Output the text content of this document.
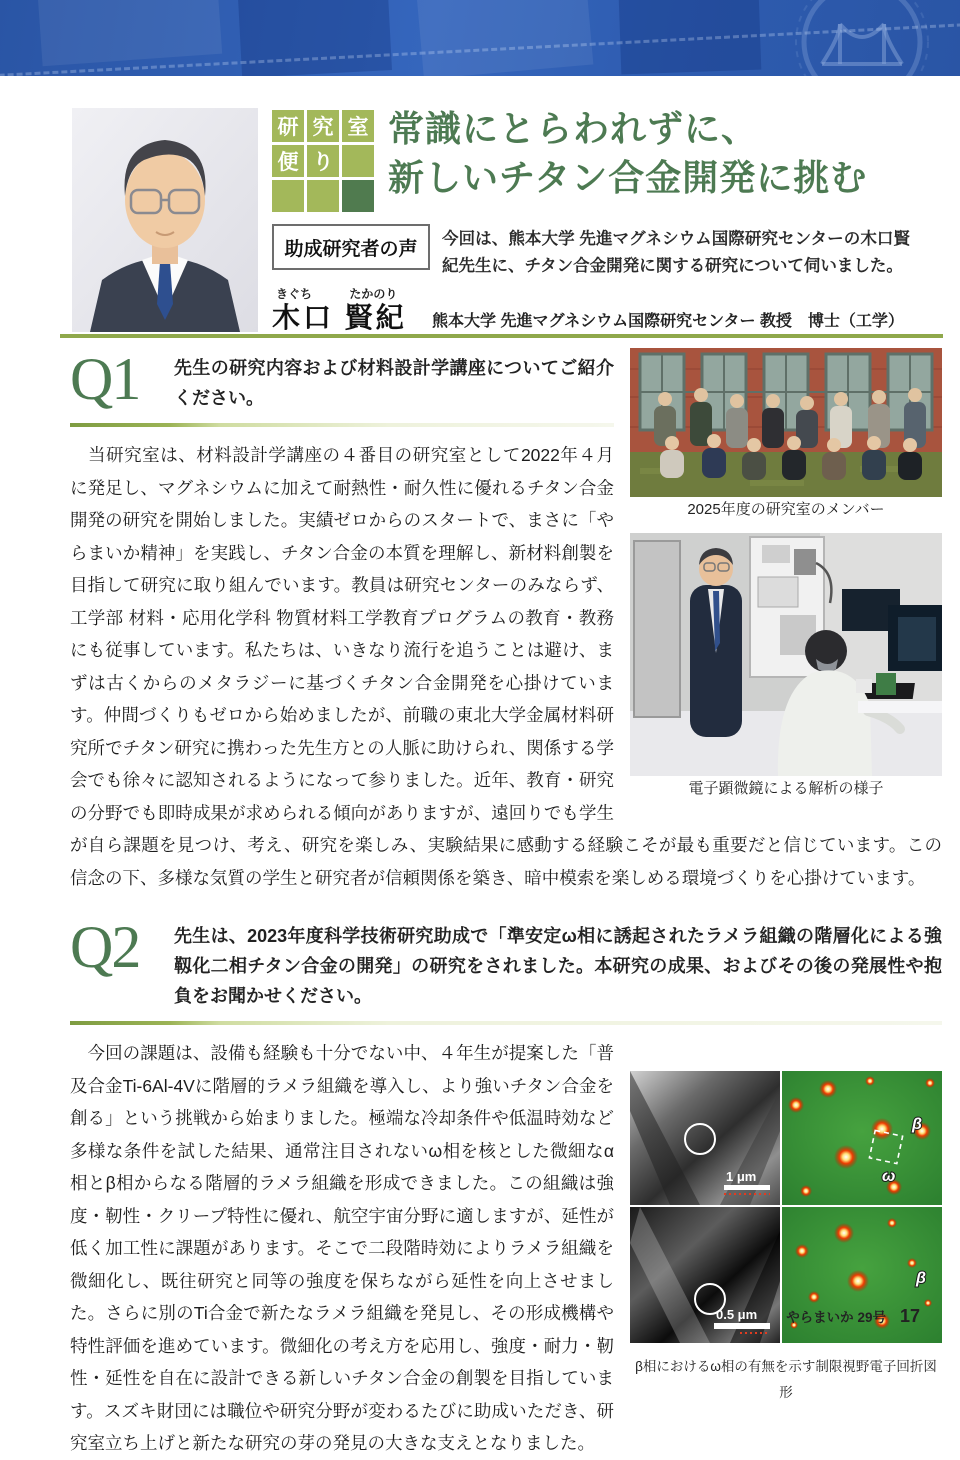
研 究 室
便 り
常識にとらわれずに、
新しいチタン合金開発に挑む
助成研究者の声 今回は、熊本大学 先進マグネシウム国際研究センターの木口賢紀先生に、チタン合金開発に関する研究について伺いました。

きぐち	たかのり
木口 賢紀 熊本大学 先進マグネシウム国際研究センター 教授　博士（工学）
2025年度の研究室のメンバー
電子顕微鏡による解析の様子
Q1	先生の研究内容および材料設計学講座についてご紹介ください。

　当研究室は、材料設計学講座の４番目の研究室として2022年４月に発足し、マグネシウムに加えて耐熱性・耐久性に優れるチタン合金開発の研究を開始しました。実績ゼロからのスタートで、まさに「やらまいか精神」を実践し、チタン合金の本質を理解し、新材料創製を目指して研究に取り組んでいます。教員は研究センターのみならず、工学部 材料・応用化学科 物質材料工学教育プログラムの教育・教務にも従事しています。私たちは、いきなり流行を追うことは避け、まずは古くからのメタラジーに基づくチタン合金開発を心掛けています。仲間づくりもゼロから始めましたが、前職の東北大学金属材料研究所でチタン研究に携わった先生方との人脈に助けられ、関係する学会でも徐々に認知されるようになって参りました。近年、教育・研究の分野でも即時成果が求められる傾向がありますが、遠回りでも学生が自ら課題を見つけ、考え、研究を楽しみ、実験結果に感動する経験こそが最も重要だと信じています。この信念の下、多様な気質の学生と研究者が信頼関係を築き、暗中模索を楽しめる環境づくりを心掛けています。

Q2	先生は、2023年度科学技術研究助成で「準安定ω相に誘起されたラメラ組織の階層化による強靱化二相チタン合金の開発」の研究をされました。本研究の成果、およびその後の発展性や抱負をお聞かせください。

1 μm
β
ω
0.5 μm
β
β相におけるω相の有無を示す制限視野電子回折図形
　今回の課題は、設備も経験も十分でない中、４年生が提案した「普及合金Ti-6Al-4Vに階層的ラメラ組織を導入し、より強いチタン合金を創る」という挑戦から始まりました。極端な冷却条件や低温時効など多様な条件を試した結果、通常注目されないω相を核とした微細なα相とβ相からなる階層的ラメラ組織を形成できました。この組織は強度・靭性・クリープ特性に優れ、航空宇宙分野に適しますが、延性が低く加工性に課題があります。そこで二段階時効によりラメラ組織を微細化し、既往研究と同等の強度を保ちながら延性を向上させました。さらに別のTi合金で新たなラメラ組織を発見し、その形成機構や特性評価を進めています。微細化の考え方を応用し、強度・耐力・靭性・延性を自在に設計できる新しいチタン合金の創製を目指しています。スズキ財団には職位や研究分野が変わるたびに助成いただき、研究室立ち上げと新たな研究の芽の発見の大きな支えとなりました。

やらまいか 29号 17
